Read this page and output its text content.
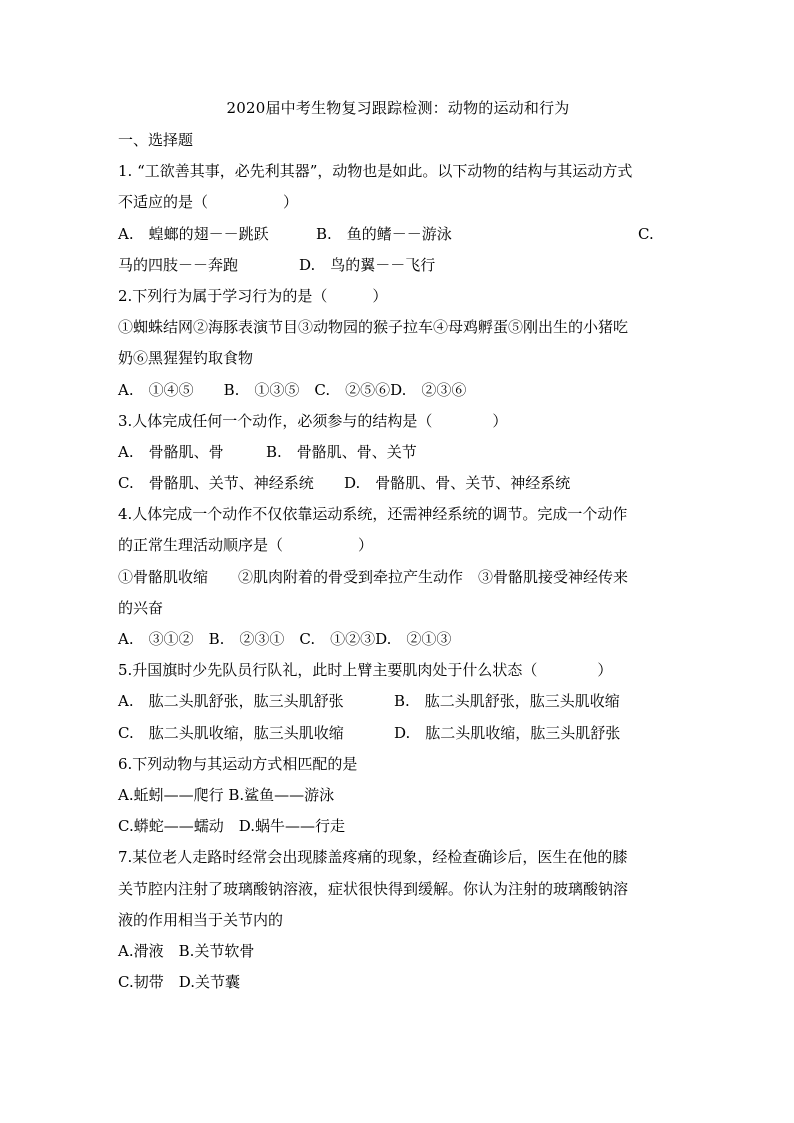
2020届中考生物复习跟踪检测：动物的运动和行为
一、选择题
1. “工欲善其事，必先利其器”，动物也是如此。以下动物的结构与其运动方式
不适应的是（　　　　　）
A.　蝗螂的翅－－跳跃	B.　鱼的鳍－－游泳	C.
马的四肢－－奔跑	D.　鸟的翼－－飞行
2.下列行为属于学习行为的是（　　　）
①蜘蛛结网②海豚表演节目③动物园的猴子拉车④母鸡孵蛋⑤刚出生的小猪吃
奶⑥黑猩猩钓取食物
A.　①④⑤　　B.　①③⑤　C.　②⑤⑥D.　②③⑥
3.人体完成任何一个动作，必须参与的结构是（　　　　）
A.　骨骼肌、骨	B.　骨骼肌、骨、关节
C.　骨骼肌、关节、神经系统	D.　骨骼肌、骨、关节、神经系统
4.人体完成一个动作不仅依靠运动系统，还需神经系统的调节。完成一个动作
的正常生理活动顺序是（　　　　　）
①骨骼肌收缩　　②肌肉附着的骨受到牵拉产生动作　③骨骼肌接受神经传来
的兴奋
A.　③①②　B.　②③①　C.　①②③D.　②①③
5.升国旗时少先队员行队礼，此时上臂主要肌肉处于什么状态（　　　　）
A.　肱二头肌舒张，肱三头肌舒张	B.　肱二头肌舒张，肱三头肌收缩
C.　肱二头肌收缩，肱三头肌收缩	D.　肱二头肌收缩，肱三头肌舒张
6.下列动物与其运动方式相匹配的是
A.蚯蚓——爬行 B.鲨鱼——游泳
C.蟒蛇——蠕动　D.蜗牛——行走
7.某位老人走路时经常会出现膝盖疼痛的现象，经检查确诊后，医生在他的膝
关节腔内注射了玻璃酸钠溶液，症状很快得到缓解。你认为注射的玻璃酸钠溶
液的作用相当于关节内的
A.滑液　B.关节软骨
C.韧带　D.关节囊
